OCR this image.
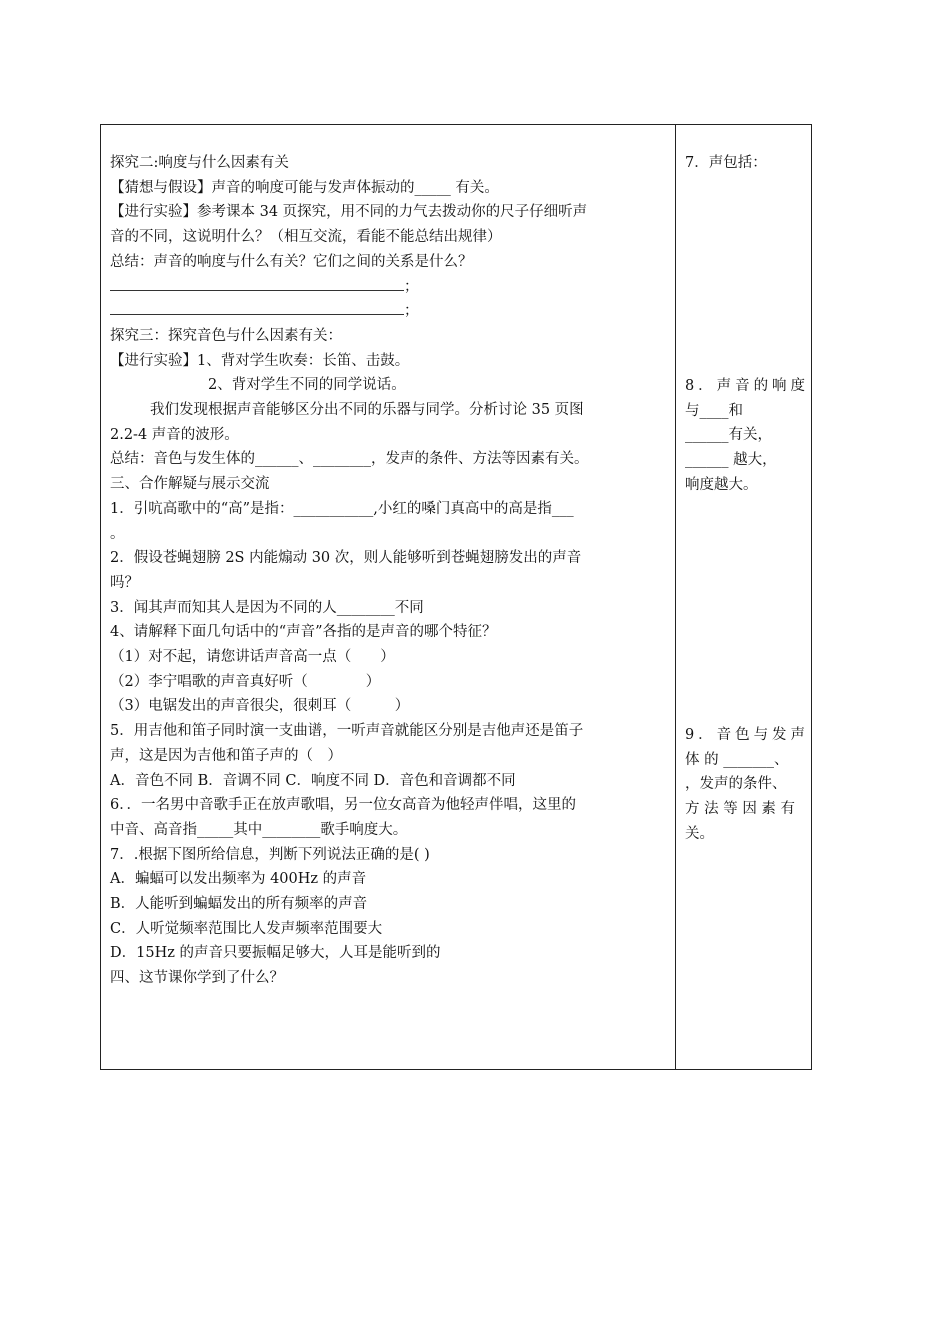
探究二:响度与什么因素有关
【猜想与假设】声音的响度可能与发声体振动的_____ 有关。
【进行实验】参考课本 34 页探究，用不同的力气去拨动你的尺子仔细听声
音的不同，这说明什么？（相互交流，看能不能总结出规律）
总结：声音的响度与什么有关？它们之间的关系是什么？
；
；
探究三：探究音色与什么因素有关：
【进行实验】1、背对学生吹奏：长笛、击鼓。
2、背对学生不同的同学说话。
我们发现根据声音能够区分出不同的乐器与同学。分析讨论 35 页图
2.2-4 声音的波形。
总结：音色与发生体的______、________，发声的条件、方法等因素有关。
三、合作解疑与展示交流
1．引吭高歌中的“高”是指：___________,小红的嗓门真高中的高是指___
。
2．假设苍蝇翅膀 2S 内能煽动 30 次，则人能够听到苍蝇翅膀发出的声音
吗？
3．闻其声而知其人是因为不同的人________不同
4、请解释下面几句话中的“声音”各指的是声音的哪个特征？
（1）对不起，请您讲话声音高一点（　　）
（2）李宁唱歌的声音真好听（　　　　）
（3）电锯发出的声音很尖，很刺耳（　　　）
5．用吉他和笛子同时演一支曲谱，一听声音就能区分别是吉他声还是笛子
声，这是因为吉他和笛子声的（　）
A．音色不同 B．音调不同 C．响度不同 D．音色和音调都不同
6．．一名男中音歌手正在放声歌唱，另一位女高音为他轻声伴唱，这里的
中音、高音指_____其中________歌手响度大。
7．.根据下图所给信息，判断下列说法正确的是( )
A．蝙蝠可以发出频率为 400Hz 的声音
B．人能听到蝙蝠发出的所有频率的声音
C．人听觉频率范围比人发声频率范围要大
D．15Hz 的声音只要振幅足够大，人耳是能听到的
四、这节课你学到了什么？
7．声包括：
8．声音的响度
与____和
______有关，
______ 越大，
响度越大。
9．音色与发声
体 的 _______、
，发声的条件、
方 法 等 因 素 有
关。
